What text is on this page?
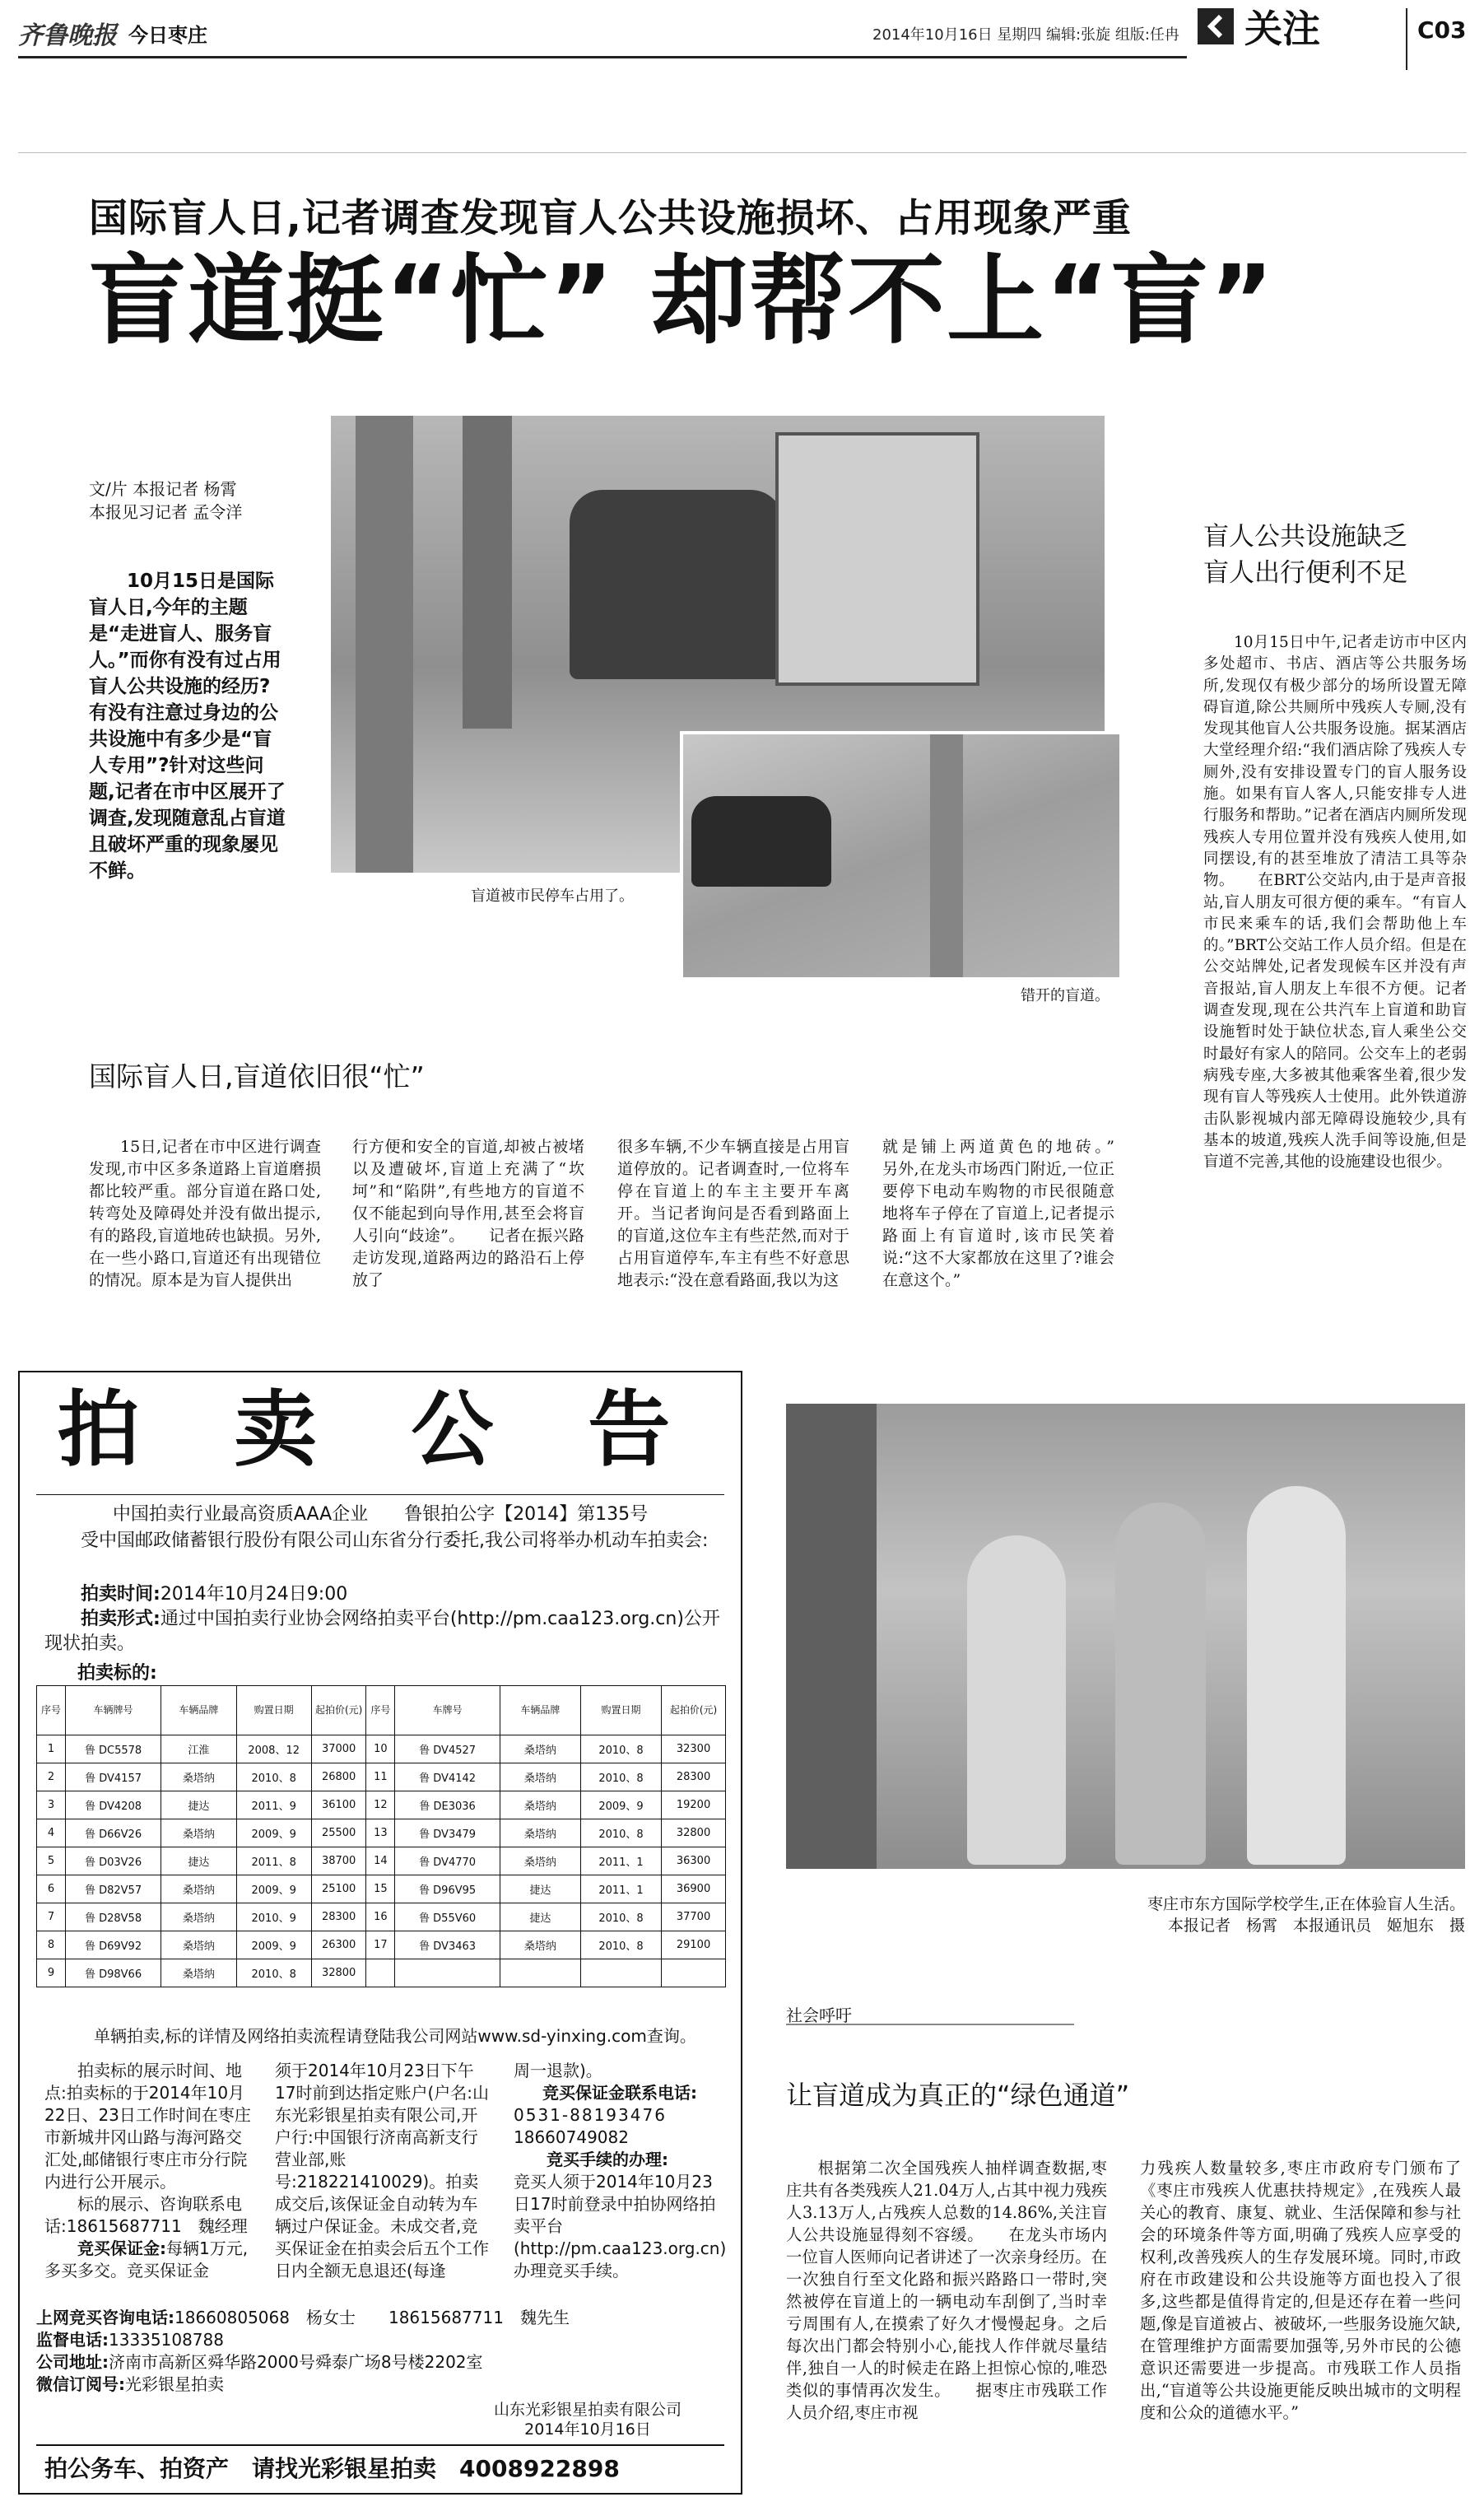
齐鲁晚报 今日枣庄	2014年10月16日 星期四 编辑:张旋 组版:任冉 关注	C03
国际盲人日,记者调查发现盲人公共设施损坏、占用现象严重
盲道挺“忙” 却帮不上“盲”
文/片 本报记者 杨霄
本报见习记者 孟令洋
10月15日是国际盲人日,今年的主题是“走进盲人、服务盲人。”而你有没有过占用盲人公共设施的经历?有没有注意过身边的公共设施中有多少是“盲人专用”?针对这些问题,记者在市中区展开了调查,发现随意乱占盲道且破坏严重的现象屡见不鲜。
盲道被市民停车占用了。
错开的盲道。
盲人公共设施缺乏
盲人出行便利不足
10月15日中午,记者走访市中区内多处超市、书店、酒店等公共服务场所,发现仅有极少部分的场所设置无障碍盲道,除公共厕所中残疾人专厕,没有发现其他盲人公共服务设施。据某酒店大堂经理介绍:“我们酒店除了残疾人专厕外,没有安排设置专门的盲人服务设施。如果有盲人客人,只能安排专人进行服务和帮助。”记者在酒店内厕所发现残疾人专用位置并没有残疾人使用,如同摆设,有的甚至堆放了清洁工具等杂物。　　在BRT公交站内,由于是声音报站,盲人朋友可很方便的乘车。“有盲人市民来乘车的话,我们会帮助他上车的。”BRT公交站工作人员介绍。但是在公交站牌处,记者发现候车区并没有声音报站,盲人朋友上车很不方便。记者调查发现,现在公共汽车上盲道和助盲设施暂时处于缺位状态,盲人乘坐公交时最好有家人的陪同。公交车上的老弱病残专座,大多被其他乘客坐着,很少发现有盲人等残疾人士使用。此外铁道游击队影视城内部无障碍设施较少,具有基本的坡道,残疾人洗手间等设施,但是盲道不完善,其他的设施建设也很少。
国际盲人日,盲道依旧很“忙”
15日,记者在市中区进行调查发现,市中区多条道路上盲道磨损都比较严重。部分盲道在路口处,转弯处及障碍处并没有做出提示,有的路段,盲道地砖也缺损。另外,在一些小路口,盲道还有出现错位的情况。原本是为盲人提供出
行方便和安全的盲道,却被占被堵以及遭破坏,盲道上充满了“坎坷”和“陷阱”,有些地方的盲道不仅不能起到向导作用,甚至会将盲人引向“歧途”。　　记者在振兴路走访发现,道路两边的路沿石上停放了
很多车辆,不少车辆直接是占用盲道停放的。记者调查时,一位将车停在盲道上的车主主要开车离开。当记者询问是否看到路面上的盲道,这位车主有些茫然,而对于占用盲道停车,车主有些不好意思地表示:“没在意看路面,我以为这
就是铺上两道黄色的地砖。”　　另外,在龙头市场西门附近,一位正要停下电动车购物的市民很随意地将车子停在了盲道上,记者提示路面上有盲道时,该市民笑着说:“这不大家都放在这里了?谁会在意这个。”
拍 卖 公 告
中国拍卖行业最高资质AAA企业　　鲁银拍公字【2014】第135号
受中国邮政储蓄银行股份有限公司山东省分行委托,我公司将举办机动车拍卖会:
拍卖时间:2014年10月24日9:00
拍卖形式:通过中国拍卖行业协会网络拍卖平台(http://pm.caa123.org.cn)公开现状拍卖。
拍卖标的:
序号	车辆牌号	车辆品牌	购置日期	起拍价(元)	序号	车牌号	车辆品牌	购置日期	起拍价(元)
1	鲁 DC5578	江淮	2008、12	37000	10	鲁 DV4527	桑塔纳	2010、8	32300
2	鲁 DV4157	桑塔纳	2010、8	26800	11	鲁 DV4142	桑塔纳	2010、8	28300
3	鲁 DV4208	捷达	2011、9	36100	12	鲁 DE3036	桑塔纳	2009、9	19200
4	鲁 D66V26	桑塔纳	2009、9	25500	13	鲁 DV3479	桑塔纳	2010、8	32800
5	鲁 D03V26	捷达	2011、8	38700	14	鲁 DV4770	桑塔纳	2011、1	36300
6	鲁 D82V57	桑塔纳	2009、9	25100	15	鲁 D96V95	捷达	2011、1	36900
7	鲁 D28V58	桑塔纳	2010、9	28300	16	鲁 D55V60	捷达	2010、8	37700
8	鲁 D69V92	桑塔纳	2009、9	26300	17	鲁 DV3463	桑塔纳	2010、8	29100
9	鲁 D98V66	桑塔纳	2010、8	32800					
单辆拍卖,标的详情及网络拍卖流程请登陆我公司网站www.sd-yinxing.com查询。
拍卖标的展示时间、地点:拍卖标的于2014年10月22日、23日工作时间在枣庄市新城井冈山路与海河路交汇处,邮储银行枣庄市分行院内进行公开展示。
标的展示、咨询联系电话:18615687711　魏经理
竞买保证金:每辆1万元,多买多交。竞买保证金
须于2014年10月23日下午17时前到达指定账户(户名:山东光彩银星拍卖有限公司,开户行:中国银行济南高新支行营业部,账号:218221410029)。拍卖成交后,该保证金自动转为车辆过户保证金。未成交者,竞买保证金在拍卖会后五个工作日内全额无息退还(每逢
周一退款)。
竞买保证金联系电话:
0531-88193476
18660749082
竞买手续的办理:
竞买人须于2014年10月23日17时前登录中拍协网络拍卖平台(http://pm.caa123.org.cn)办理竞买手续。
上网竞买咨询电话:18660805068　杨女士　　18615687711　魏先生
监督电话:13335108788
公司地址:济南市高新区舜华路2000号舜泰广场8号楼2202室
微信订阅号:光彩银星拍卖
山东光彩银星拍卖有限公司
2014年10月16日
拍公务车、拍资产　请找光彩银星拍卖　4008922898
枣庄市东方国际学校学生,正在体验盲人生活。
本报记者　杨霄　本报通讯员　姬旭东　摄
社会呼吁
让盲道成为真正的“绿色通道”
根据第二次全国残疾人抽样调查数据,枣庄共有各类残疾人21.04万人,占其中视力残疾人3.13万人,占残疾人总数的14.86%,关注盲人公共设施显得刻不容缓。　　在龙头市场内一位盲人医师向记者讲述了一次亲身经历。在一次独自行至文化路和振兴路路口一带时,突然被停在盲道上的一辆电动车刮倒了,当时幸亏周围有人,在摸索了好久才慢慢起身。之后每次出门都会特别小心,能找人作伴就尽量结伴,独自一人的时候走在路上担惊心惊的,唯恐类似的事情再次发生。　　据枣庄市残联工作人员介绍,枣庄市视
力残疾人数量较多,枣庄市政府专门颁布了《枣庄市残疾人优惠扶持规定》,在残疾人最关心的教育、康复、就业、生活保障和参与社会的环境条件等方面,明确了残疾人应享受的权利,改善残疾人的生存发展环境。同时,市政府在市政建设和公共设施等方面也投入了很多,这些都是值得肯定的,但是还存在着一些问题,像是盲道被占、被破坏,一些服务设施欠缺,在管理维护方面需要加强等,另外市民的公德意识还需要进一步提高。市残联工作人员指出,“盲道等公共设施更能反映出城市的文明程度和公众的道德水平。”
